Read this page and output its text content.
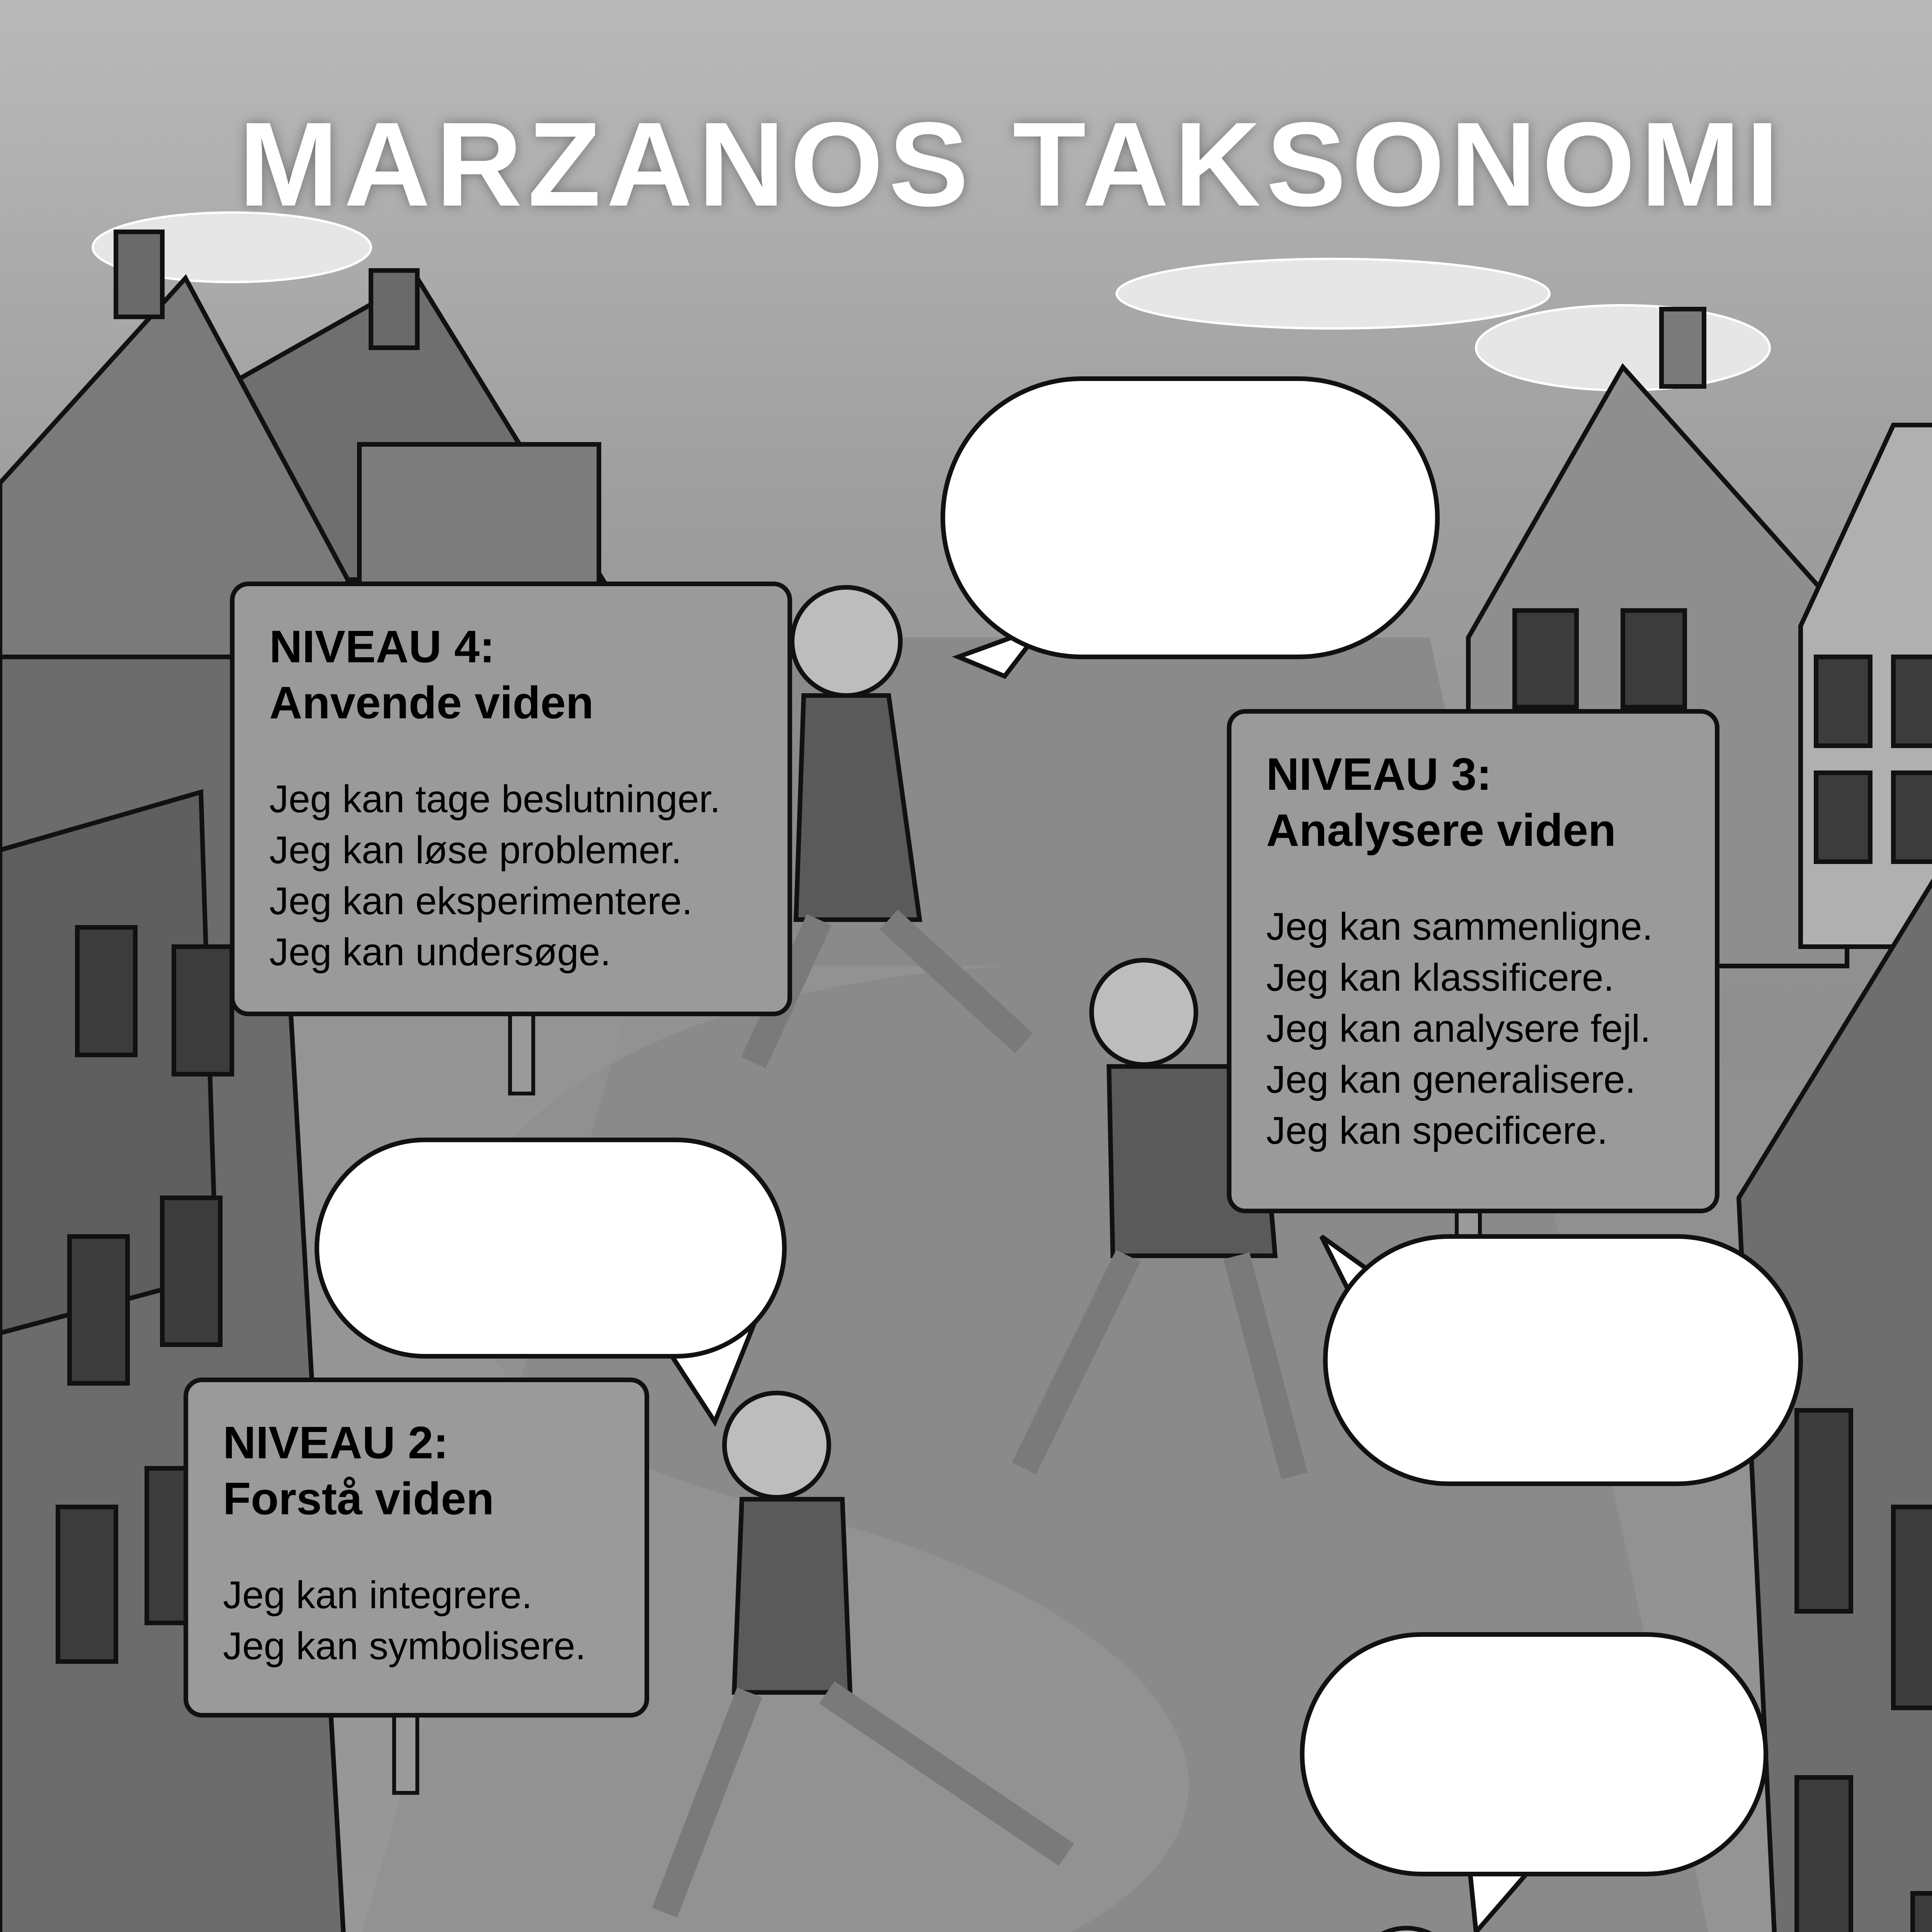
MARZANOS TAKSONOMI

NIVEAU 4:

Anvende viden

Jeg kan tage beslutninger.
Jeg kan løse problemer.
Jeg kan eksperimentere.
Jeg kan undersøge.

NIVEAU 3:

Analysere viden

Jeg kan sammenligne.
Jeg kan klassificere.
Jeg kan analysere fejl.
Jeg kan generalisere.
Jeg kan specificere.

NIVEAU 2:

Forstå viden

Jeg kan integrere.
Jeg kan symbolisere.
